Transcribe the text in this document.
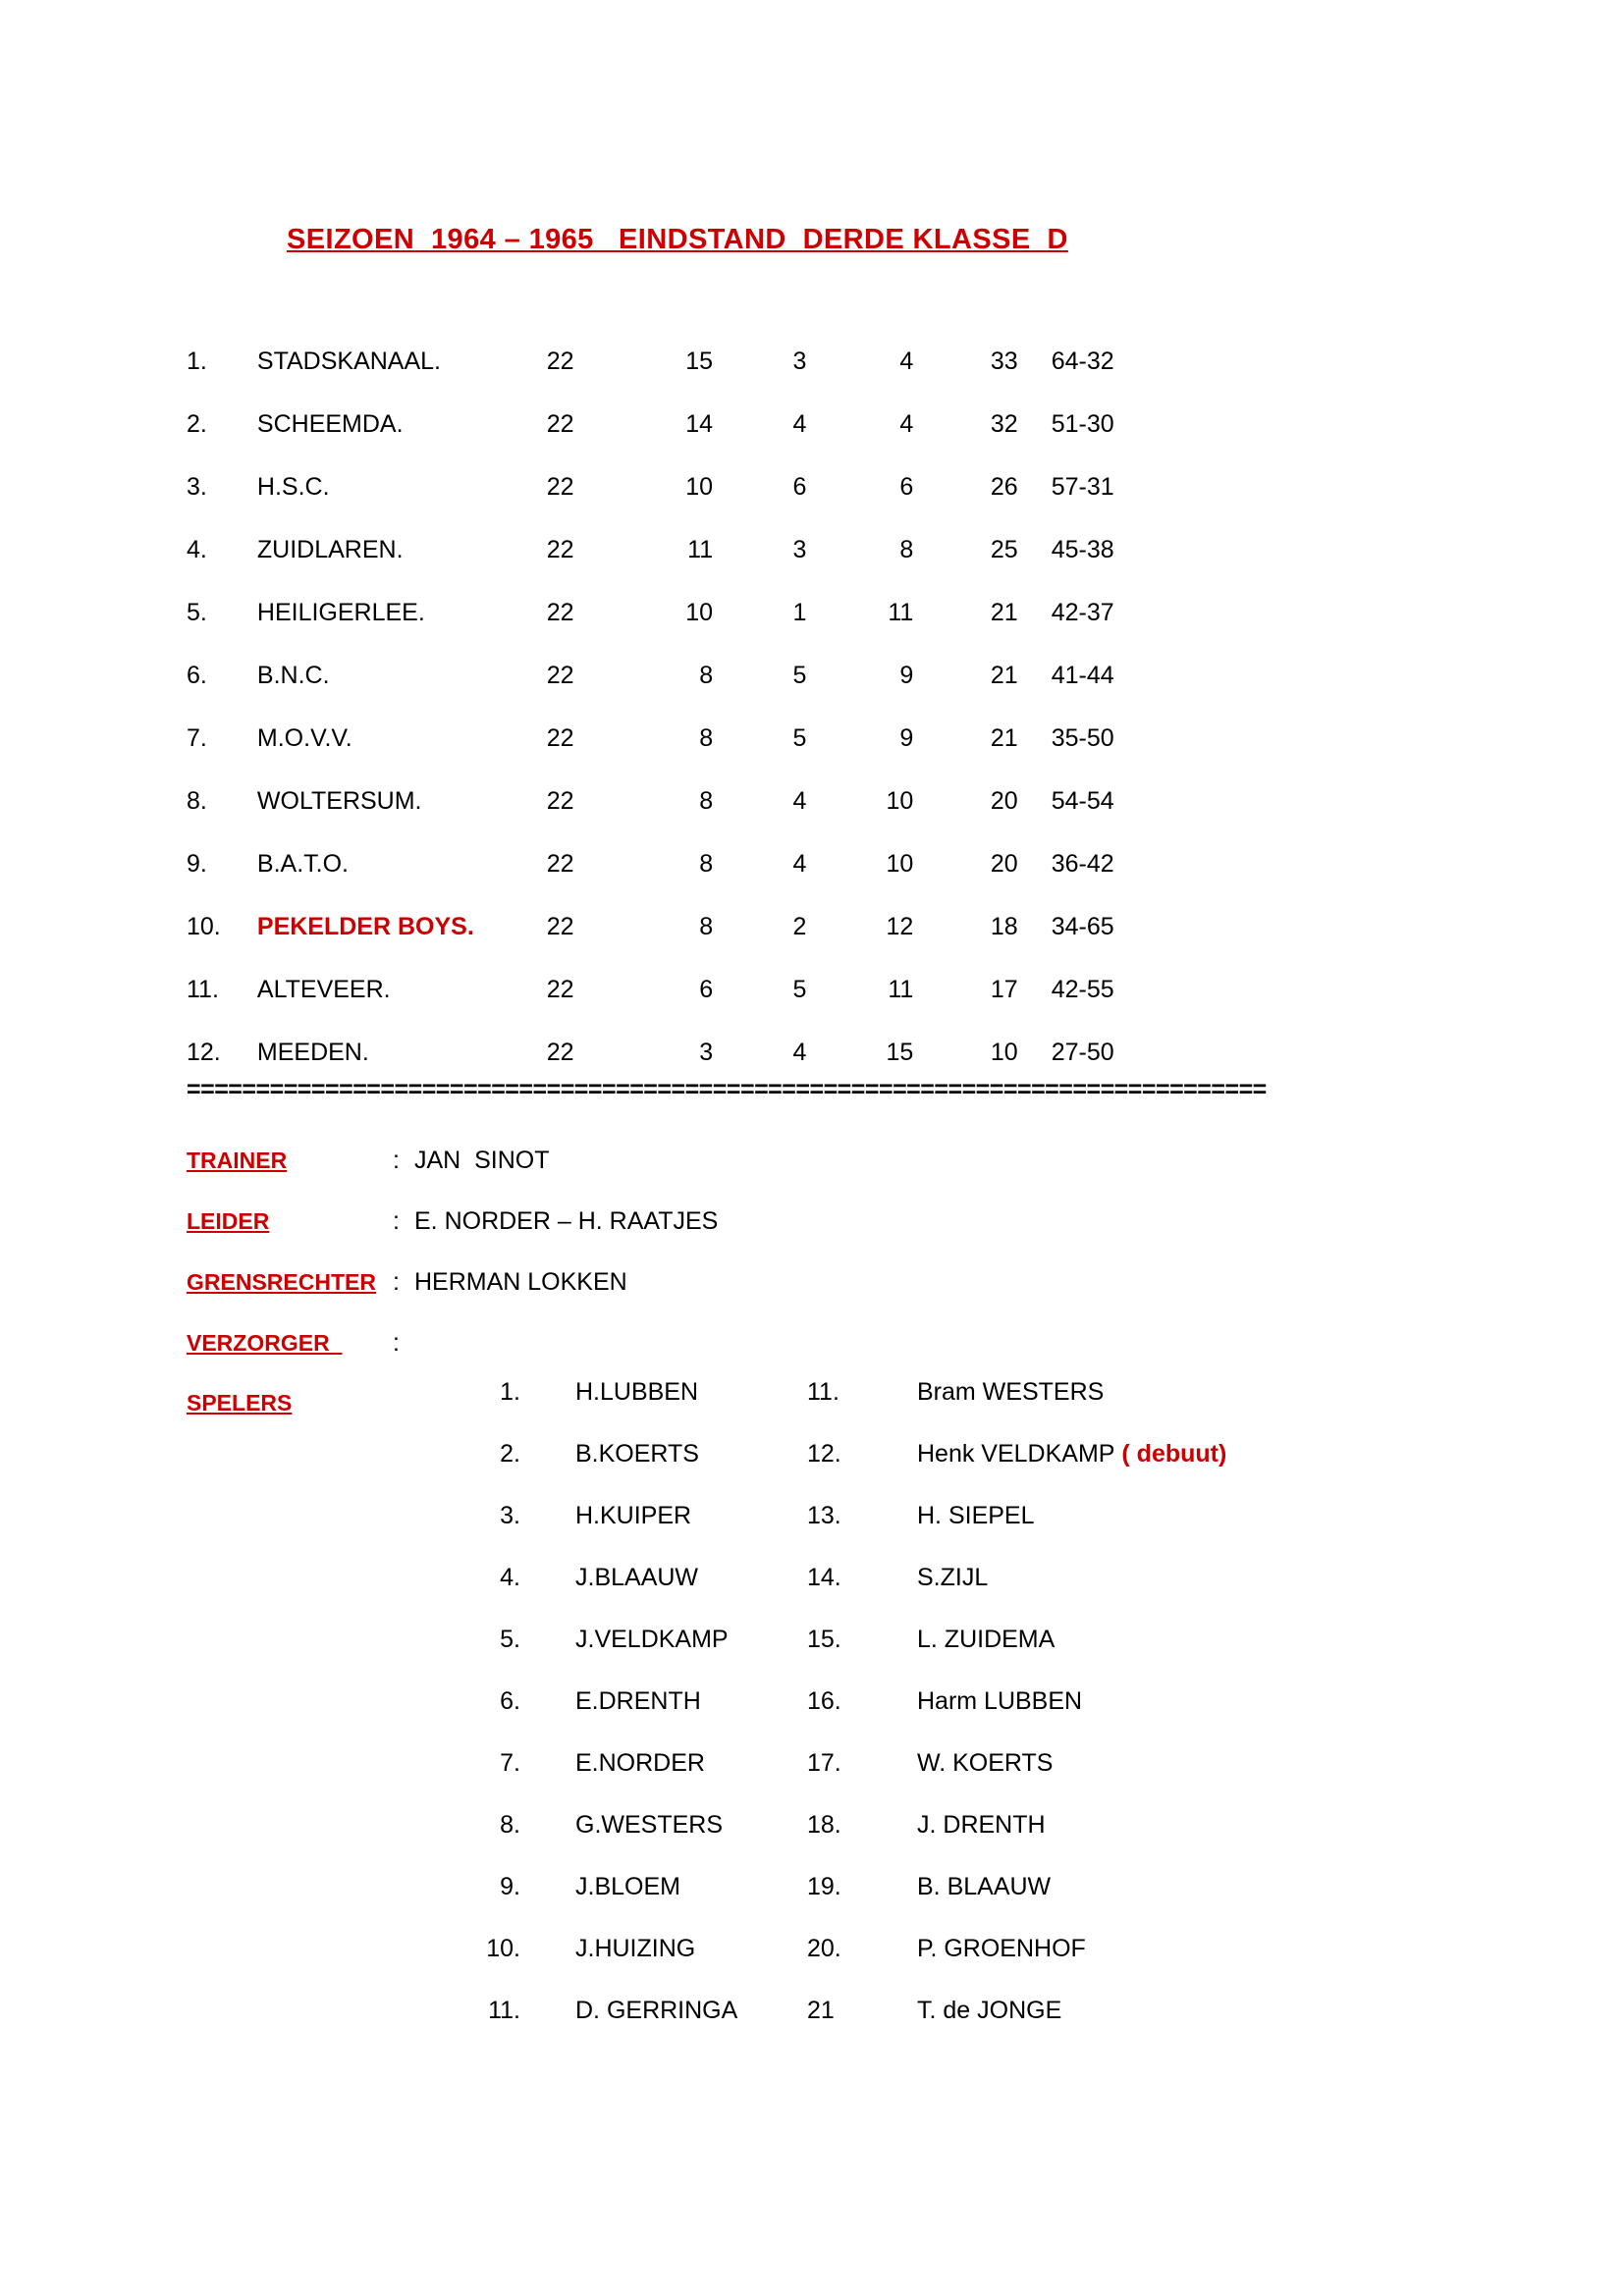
SEIZOEN  1964 – 1965   EINDSTAND  DERDE KLASSE  D
1.	STADSKANAAL.	22	15	3	4	33	64-32
2.	SCHEEMDA.	22	14	4	4	32	51-30
3.	H.S.C.	22	10	6	6	26	57-31
4.	ZUIDLAREN.	22	11	3	8	25	45-38
5.	HEILIGERLEE.	22	10	1	11	21	42-37
6.	B.N.C.	22	8	5	9	21	41-44
7.	M.O.V.V.	22	8	5	9	21	35-50
8.	WOLTERSUM.	22	8	4	10	20	54-54
9.	B.A.T.O.	22	8	4	10	20	36-42
10.	PEKELDER BOYS.	22	8	2	12	18	34-65
11.	ALTEVEER.	22	6	5	11	17	42-55
12.	MEEDEN.	22	3	4	15	10	27-50
==============================================================================
TRAINER	: JAN  SINOT
LEIDER	: E. NORDER – H. RAATJES
GRENSRECHTER : HERMAN LOKKEN
VERZORGER	:
SPELERS	1.	H.LUBBEN	11.	Bram WESTERS
2.	B.KOERTS	12.	Henk VELDKAMP ( debuut)
3.	H.KUIPER	13.	H. SIEPEL
4.	J.BLAAUW	14.	S.ZIJL
5.	J.VELDKAMP	15.	L. ZUIDEMA
6.	E.DRENTH	16.	Harm LUBBEN
7.	E.NORDER	17.	W. KOERTS
8.	G.WESTERS	18.	J. DRENTH
9.	J.BLOEM	19.	B. BLAAUW
10.	J.HUIZING	20.	P. GROENHOF
11.	D. GERRINGA	21	T. de JONGE
